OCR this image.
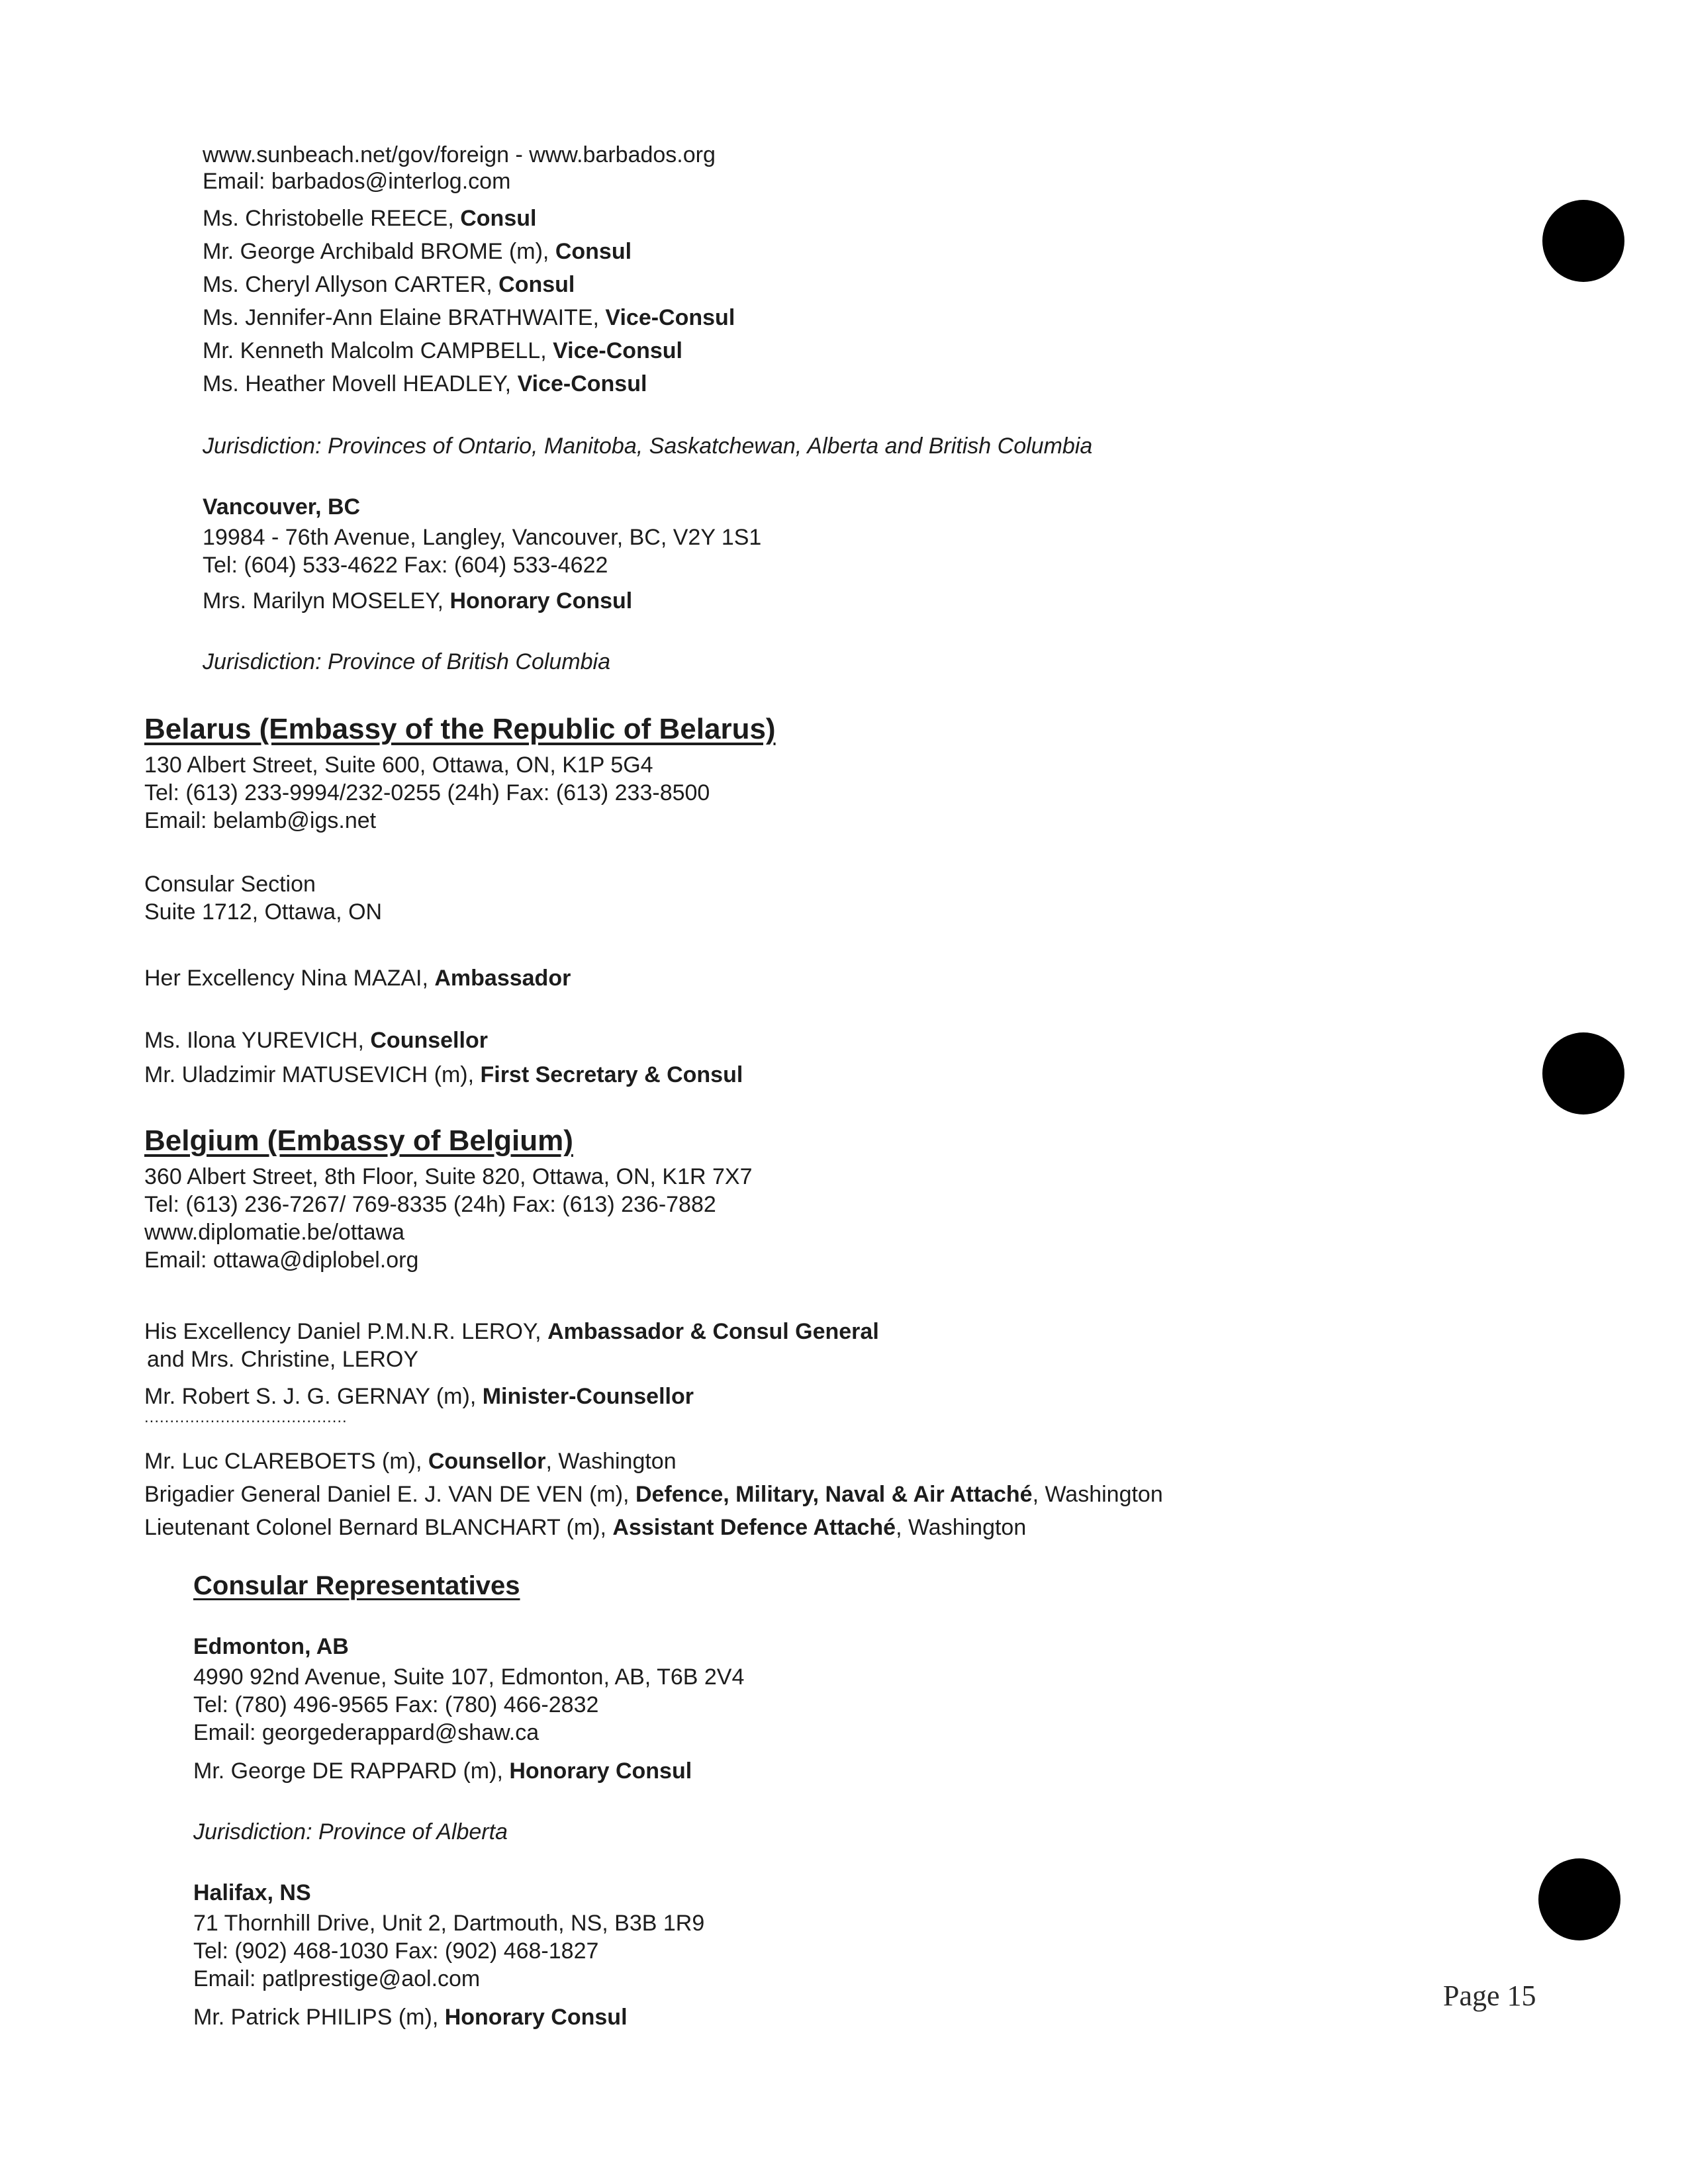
www.sunbeach.net/gov/foreign - www.barbados.org
Email: barbados@interlog.com
Ms. Christobelle REECE, Consul
Mr. George Archibald BROME (m), Consul
Ms. Cheryl Allyson CARTER, Consul
Ms. Jennifer-Ann Elaine BRATHWAITE, Vice-Consul
Mr. Kenneth Malcolm CAMPBELL, Vice-Consul
Ms. Heather Movell HEADLEY, Vice-Consul
Jurisdiction: Provinces of Ontario, Manitoba, Saskatchewan, Alberta and British Columbia
Vancouver, BC
19984 - 76th Avenue, Langley, Vancouver, BC, V2Y 1S1
Tel: (604) 533-4622 Fax: (604) 533-4622
Mrs. Marilyn MOSELEY, Honorary Consul
Jurisdiction: Province of British Columbia
Belarus (Embassy of the Republic of Belarus)
130 Albert Street, Suite 600, Ottawa, ON, K1P 5G4
Tel: (613) 233-9994/232-0255 (24h) Fax: (613) 233-8500
Email: belamb@igs.net
Consular Section
Suite 1712, Ottawa, ON
Her Excellency Nina MAZAI, Ambassador
Ms. Ilona YUREVICH, Counsellor
Mr. Uladzimir MATUSEVICH (m), First Secretary & Consul
Belgium (Embassy of Belgium)
360 Albert Street, 8th Floor, Suite 820, Ottawa, ON, K1R 7X7
Tel: (613) 236-7267/ 769-8335 (24h) Fax: (613) 236-7882
www.diplomatie.be/ottawa
Email: ottawa@diplobel.org
His Excellency Daniel P.M.N.R. LEROY, Ambassador & Consul General
and Mrs. Christine, LEROY
Mr. Robert S. J. G. GERNAY (m), Minister-Counsellor
........................................
Mr. Luc CLAREBOETS (m), Counsellor, Washington
Brigadier General Daniel E. J. VAN DE VEN (m), Defence, Military, Naval & Air Attaché, Washington
Lieutenant Colonel Bernard BLANCHART (m), Assistant Defence Attaché, Washington
Consular Representatives
Edmonton, AB
4990 92nd Avenue, Suite 107, Edmonton, AB, T6B 2V4
Tel: (780) 496-9565 Fax: (780) 466-2832
Email: georgederappard@shaw.ca
Mr. George DE RAPPARD (m), Honorary Consul
Jurisdiction: Province of Alberta
Halifax, NS
71 Thornhill Drive, Unit 2, Dartmouth, NS, B3B 1R9
Tel: (902) 468-1030 Fax: (902) 468-1827
Email: patlprestige@aol.com
Mr. Patrick PHILIPS (m), Honorary Consul
Page 15
